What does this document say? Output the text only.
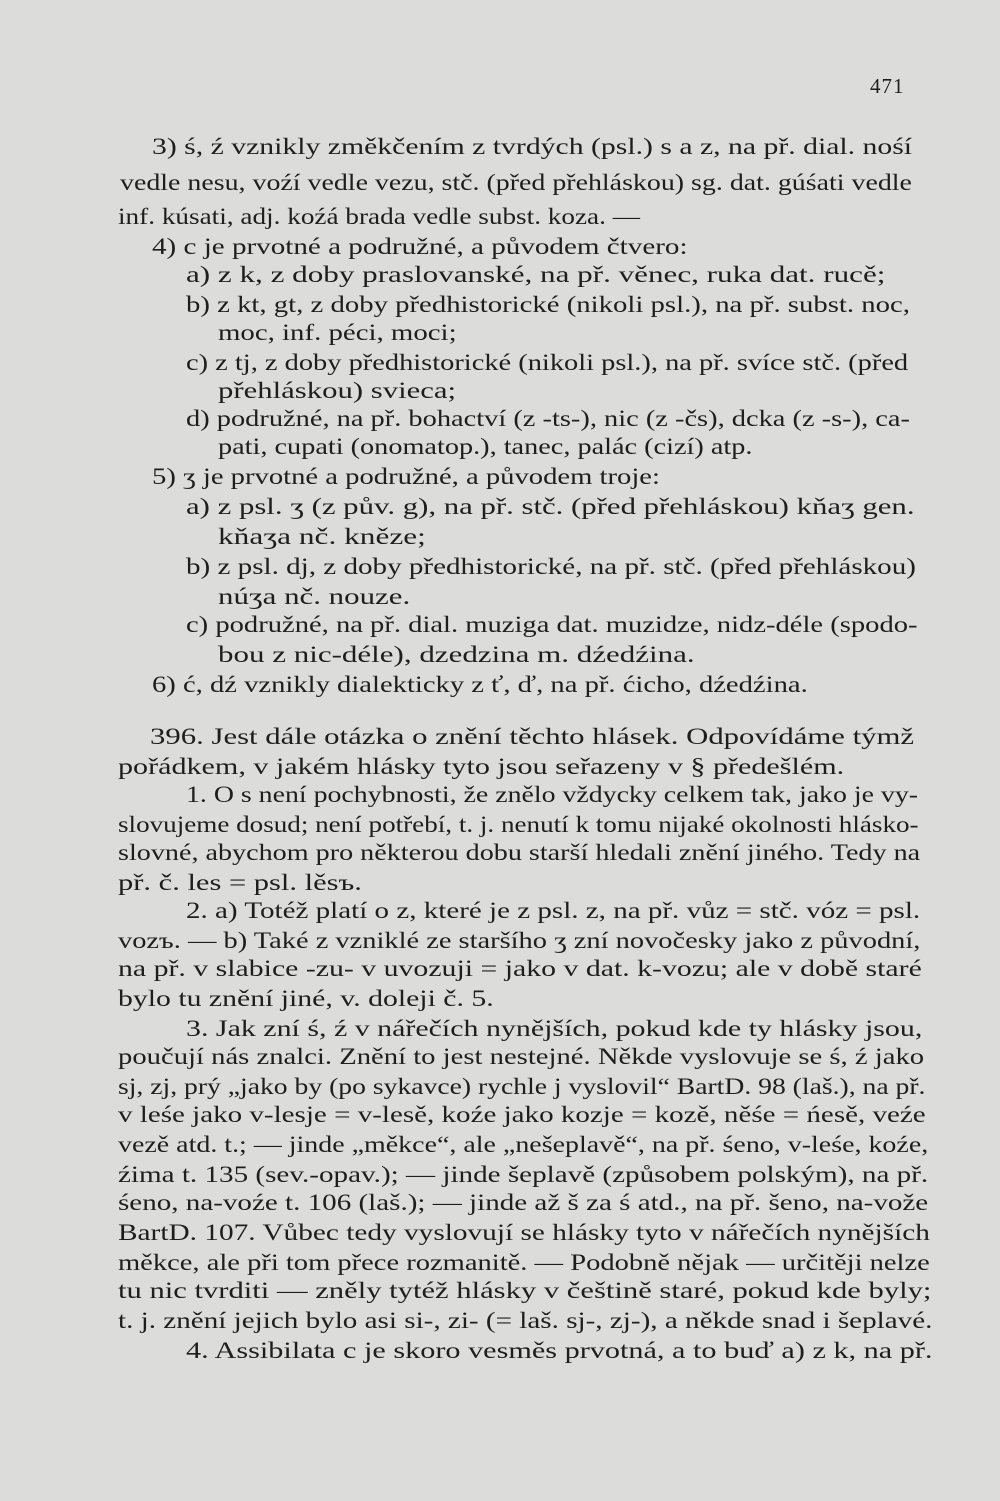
471
3) ś, ź vznikly změkčením z tvrdých (psl.) s a z, na př. dial. nośí
vedle nesu, voźí vedle vezu, stč. (před přehláskou) sg. dat. gúśati vedle
inf. kúsati, adj. koźá brada vedle subst. koza. —
4) c je prvotné a podružné, a původem čtvero:
a) z k, z doby praslovanské, na př. věnec, ruka dat. rucě;
b) z kt, gt, z doby předhistorické (nikoli psl.), na př. subst. noc,
moc, inf. péci, moci;
c) z tj, z doby předhistorické (nikoli psl.), na př. svíce stč. (před
přehláskou) svieca;
d) podružné, na př. bohactví (z -ts-), nic (z -čs), dcka (z -s-), ca-
pati, cupati (onomatop.), tanec, palác (cizí) atp.
5) ʒ je prvotné a podružné, a původem troje:
a) z psl. ʒ (z pův. g), na př. stč. (před přehláskou) kňaʒ gen.
kňaʒa nč. kněze;
b) z psl. dj, z doby předhistorické, na př. stč. (před přehláskou)
núʒa nč. nouze.
c) podružné, na př. dial. muziga dat. muzidze, nidz-déle (spodo-
bou z nic-déle), dzedzina m. dźedźina.
6) ć, dź vznikly dialekticky z ť, ď, na př. ćicho, dźedźina.
396. Jest dále otázka o znění těchto hlásek. Odpovídáme týmž
pořádkem, v jakém hlásky tyto jsou seřazeny v § předešlém.
1. O s není pochybnosti, že znělo vždycky celkem tak, jako je vy-
slovujeme dosud; není potřebí, t. j. nenutí k tomu nijaké okolnosti hlásko-
slovné, abychom pro některou dobu starší hledali znění jiného. Tedy na
př. č. les = psl. lěsъ.
2. a) Totéž platí o z, které je z psl. z, na př. vůz = stč. vóz = psl.
vozъ. — b) Také z vzniklé ze staršího ʒ zní novočesky jako z původní,
na př. v slabice -zu- v uvozuji = jako v dat. k-vozu; ale v době staré
bylo tu znění jiné, v. doleji č. 5.
3. Jak zní ś, ź v nářečích nynějších, pokud kde ty hlásky jsou,
poučují nás znalci. Znění to jest nestejné. Někde vyslovuje se ś, ź jako
sj, zj, prý „jako by (po sykavce) rychle j vyslovil“ BartD. 98 (laš.), na př.
v leśe jako v-lesje = v-lesě, koźe jako kozje = kozě, něśe = ńesě, veźe
vezě atd. t.; — jinde „měkce“, ale „nešeplavě“, na př. śeno, v-leśe, koźe,
źima t. 135 (sev.-opav.); — jinde šeplavě (způsobem polským), na př.
śeno, na-voźe t. 106 (laš.); — jinde až š za ś atd., na př. šeno, na-vože
BartD. 107. Vůbec tedy vyslovují se hlásky tyto v nářečích nynějších
měkce, ale při tom přece rozmanitě. — Podobně nějak — určitěji nelze
tu nic tvrditi — zněly tytéž hlásky v češtině staré, pokud kde byly;
t. j. znění jejich bylo asi si-, zi- (= laš. sj-, zj-), a někde snad i šeplavé.
4. Assibilata c je skoro vesměs prvotná, a to buď a) z k, na př.
